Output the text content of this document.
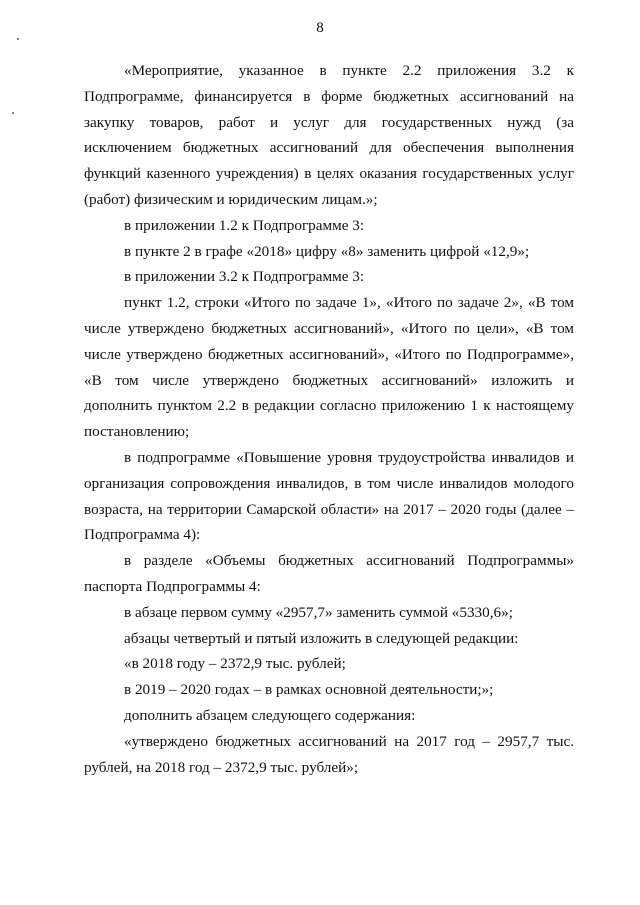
8

«Мероприятие, указанное в пункте 2.2 приложения 3.2 к Подпрограмме, финансируется в форме бюджетных ассигнований на закупку товаров, работ и услуг для государственных нужд (за исключением бюджетных ассигнований для обеспечения выполнения функций казенного учреждения) в целях оказания государственных услуг (работ) физическим и юридическим лицам.»;

в приложении 1.2 к Подпрограмме 3:

в пункте 2 в графе «2018» цифру «8» заменить цифрой «12,9»;

в приложении 3.2 к Подпрограмме 3:

пункт 1.2, строки «Итого по задаче 1», «Итого по задаче 2», «В том числе утверждено бюджетных ассигнований», «Итого по цели», «В том числе утверждено бюджетных ассигнований», «Итого по Подпрограмме», «В том числе утверждено бюджетных ассигнований» изложить и дополнить пунктом 2.2 в редакции согласно приложению 1 к настоящему постановлению;

в подпрограмме «Повышение уровня трудоустройства инвалидов и организация сопровождения инвалидов, в том числе инвалидов молодого возраста, на территории Самарской области» на 2017 – 2020 годы (далее – Подпрограмма 4):

в разделе «Объемы бюджетных ассигнований Подпрограммы» паспорта Подпрограммы 4:

в абзаце первом сумму «2957,7» заменить суммой «5330,6»;

абзацы четвертый и пятый изложить в следующей редакции:

«в 2018 году – 2372,9 тыс. рублей;

в 2019 – 2020 годах – в рамках основной деятельности;»;

дополнить абзацем следующего содержания:

«утверждено бюджетных ассигнований на 2017 год – 2957,7 тыс. рублей, на 2018 год – 2372,9 тыс. рублей»;
